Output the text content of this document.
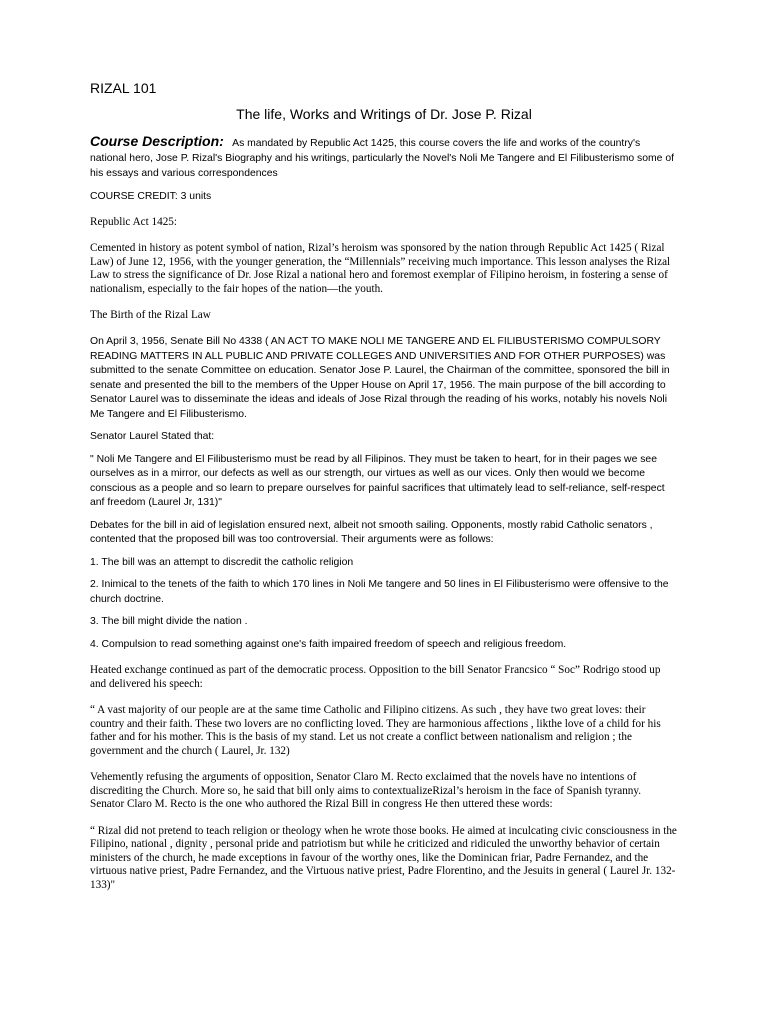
RIZAL 101

The life, Works and Writings of Dr. Jose P. Rizal

Course Description: As mandated by Republic Act 1425, this course covers the life and works of the country's national hero, Jose P. Rizal's Biography and his writings, particularly the Novel's Noli Me Tangere and El Filibusterismo some of his essays and various correspondences

COURSE CREDIT: 3 units

Republic Act 1425:

Cemented in history as potent symbol of nation, Rizal’s heroism was sponsored by the nation through Republic Act 1425 ( Rizal Law) of June 12, 1956, with the younger generation, the “Millennials” receiving much importance. This lesson analyses the Rizal Law to stress the significance of Dr. Jose Rizal a national hero and foremost exemplar of Filipino heroism, in fostering a sense of nationalism, especially to the fair hopes of the nation—the youth.

The Birth of the Rizal Law

On April 3, 1956, Senate Bill No 4338 ( AN ACT TO MAKE NOLI ME TANGERE AND EL FILIBUSTERISMO COMPULSORY READING MATTERS IN ALL PUBLIC AND PRIVATE COLLEGES AND UNIVERSITIES AND FOR OTHER PURPOSES) was submitted to the senate Committee on education. Senator Jose P. Laurel, the Chairman of the committee, sponsored the bill in senate and presented the bill to the members of the Upper House on April 17, 1956. The main purpose of the bill according to Senator Laurel was to disseminate the ideas and ideals of Jose Rizal through the reading of his works, notably his novels Noli Me Tangere and El Filibusterismo.

Senator Laurel Stated that:

" Noli Me Tangere and El Filibusterismo must be read by all Filipinos. They must be taken to heart, for in their pages we see ourselves as in a mirror, our defects as well as our strength, our virtues as well as our vices. Only then would we become conscious as a people and so learn to prepare ourselves for painful sacrifices that ultimately lead to self-reliance, self-respect anf freedom (Laurel Jr, 131)"

Debates for the bill in aid of legislation ensured next, albeit not smooth sailing. Opponents, mostly rabid Catholic senators , contented that the proposed bill was too controversial. Their arguments were as follows:

1. The bill was an attempt to discredit the catholic religion

2. Inimical to the tenets of the faith to which 170 lines in Noli Me tangere and 50 lines in El Filibusterismo were offensive to the church doctrine.

3. The bill might divide the nation .

4. Compulsion to read something against one's faith impaired freedom of speech and religious freedom.

Heated exchange continued as part of the democratic process. Opposition to the bill Senator Francsico “ Soc” Rodrigo stood up and delivered his speech:

“ A vast majority of our people are at the same time Catholic and Filipino citizens. As such , they have two great loves: their country and their faith. These two lovers are no conflicting loved. They are harmonious affections , likthe love of a child for his father and for his mother. This is the basis of my stand. Let us not create a conflict between nationalism and religion ; the government and the church ( Laurel, Jr. 132)

Vehemently refusing the arguments of opposition, Senator Claro M. Recto exclaimed that the novels have no intentions of discrediting the Church. More so, he said that bill only aims to contextualizeRizal’s heroism in the face of Spanish tyranny. Senator Claro M. Recto is the one who authored the Rizal Bill in congress He then uttered these words:

“ Rizal did not pretend to teach religion or theology when he wrote those books. He aimed at inculcating civic consciousness in the Filipino, national , dignity , personal pride and patriotism but while he criticized and ridiculed the unworthy behavior of certain ministers of the church, he made exceptions in favour of the worthy ones, like the Dominican friar, Padre Fernandez, and the virtuous native priest, Padre Fernandez, and the Virtuous native priest, Padre Florentino, and the Jesuits in general ( Laurel Jr. 132-133)"
